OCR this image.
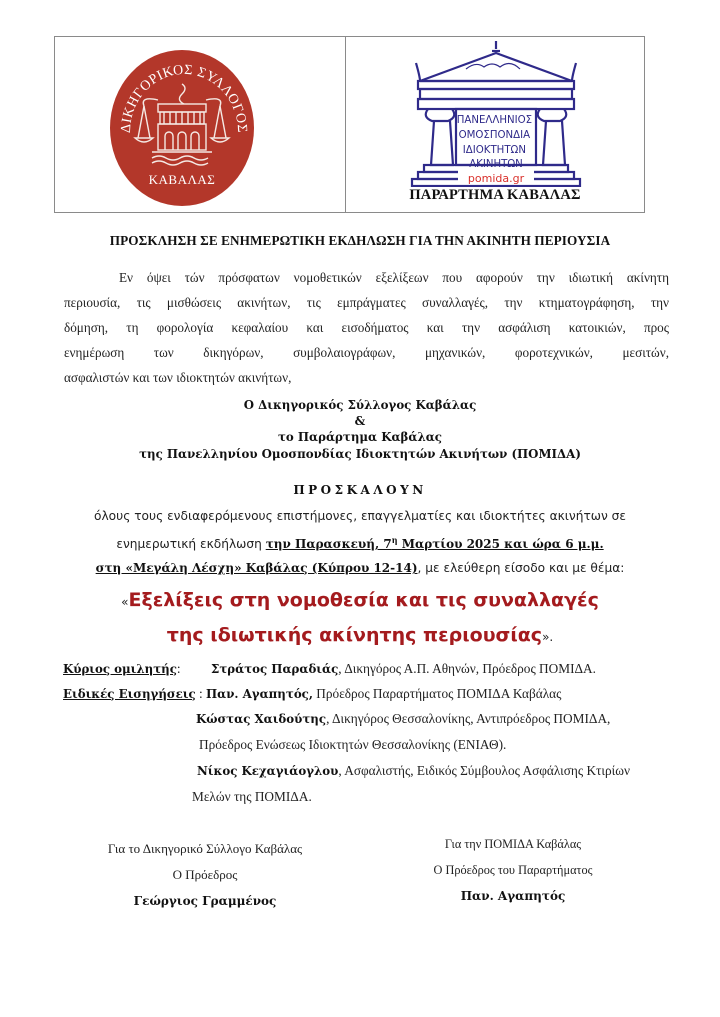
ΔΙΚΗΓΟΡΙΚΟΣ ΣΥΛΛΟΓΟΣ
ΚΑΒΑΛΑΣ
ΠΑΝΕΛΛΗΝΙΟΣ ΟΜΟΣΠΟΝΔΙΑ ΙΔΙΟΚΤΗΤΩΝ ΑΚΙΝΗΤΩΝ
pomida.gr
ΠΑΡΑΡΤΗΜΑ ΚΑΒΑΛΑΣ
ΠΡΟΣΚΛΗΣΗ ΣΕ ΕΝΗΜΕΡΩΤΙΚΗ ΕΚΔΗΛΩΣΗ ΓΙΑ ΤΗΝ ΑΚΙΝΗΤΗ ΠΕΡΙΟΥΣΙΑ
Εν όψει τών πρόσφατων νομοθετικών εξελίξεων που αφορούν την ιδιωτική ακίνητη
περιουσία, τις μισθώσεις ακινήτων, τις εμπράγματες συναλλαγές, την κτηματογράφηση, την
δόμηση, τη φορολογία κεφαλαίου και εισοδήματος και την ασφάλιση κατοικιών, προς
ενημέρωση των δικηγόρων, συμβολαιογράφων, μηχανικών, φοροτεχνικών, μεσιτών,
ασφαλιστών και των ιδιοκτητών ακινήτων,
Ο Δικηγορικός Σύλλογος Καβάλας
&
το Παράρτημα Καβάλας
της Πανελληνίου Ομοσπονδίας Ιδιοκτητών Ακινήτων (ΠΟΜΙΔΑ)
ΠΡΟΣΚΑΛΟΥΝ
όλους τους ενδιαφερόμενους επιστήμονες, επαγγελματίες και ιδιοκτήτες ακινήτων σε
ενημερωτική εκδήλωση την Παρασκευή, $7^\eta$ Μαρτίου 2025 και ώρα 6 μ.μ.
στη «Μεγάλη Λέσχη» Καβάλας (Κύπρου 12-14), με ελεύθερη είσοδο και με θέμα:
«Εξελίξεις στη νομοθεσία και τις συναλλαγές
της ιδιωτικής ακίνητης περιουσίας».
Κύριος ομιλητής:	Στράτος Παραδιάς, Δικηγόρος Α.Π. Αθηνών, Πρόεδρος ΠΟΜΙΔΑ.
Ειδικές Εισηγήσεις : Παν. Αγαπητός, Πρόεδρος Παραρτήματος ΠΟΜΙΔΑ Καβάλας
Κώστας Χαιδούτης, Δικηγόρος Θεσσαλονίκης, Αντιπρόεδρος ΠΟΜΙΔΑ,
Πρόεδρος Ενώσεως Ιδιοκτητών Θεσσαλονίκης (ΕΝΙΑΘ).
Νίκος Κεχαγιάογλου, Ασφαλιστής, Ειδικός Σύμβουλος Ασφάλισης Κτιρίων
Μελών της ΠΟΜΙΔΑ.
Για το Δικηγορικό Σύλλογο Καβάλας
Ο Πρόεδρος
Γεώργιος Γραμμένος
Για την ΠΟΜΙΔΑ Καβάλας
Ο Πρόεδρος του Παραρτήματος
Παν. Αγαπητός
